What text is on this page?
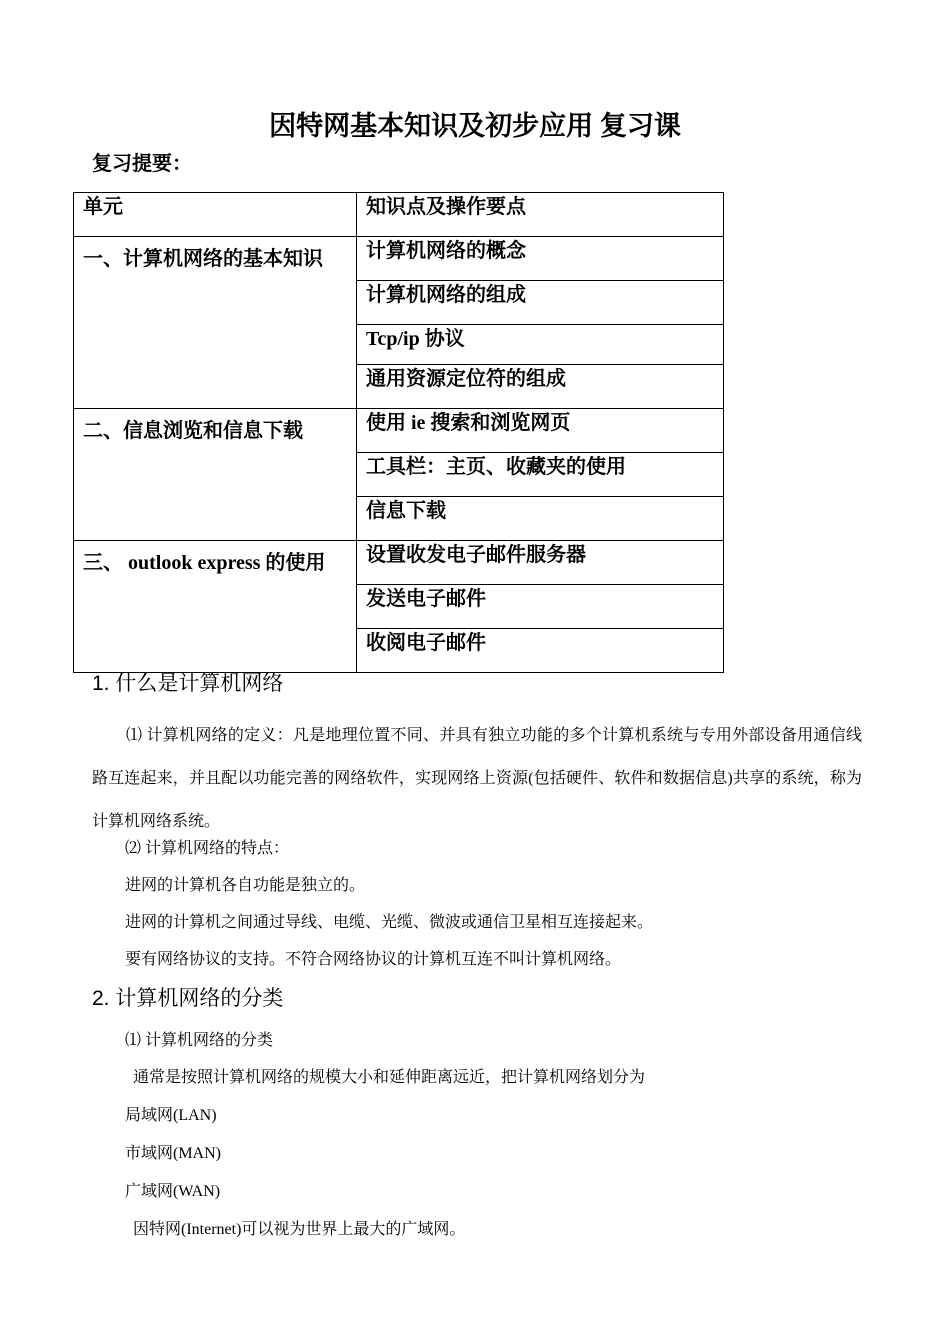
因特网基本知识及初步应用 复习课
复习提要：
单元	知识点及操作要点
一、计算机网络的基本知识	计算机网络的概念
	计算机网络的组成
	Tcp/ip 协议
	通用资源定位符的组成
二、信息浏览和信息下载	使用 ie 搜索和浏览网页
	工具栏：主页、收藏夹的使用
	信息下载
三、 outlook express 的使用	设置收发电子邮件服务器
	发送电子邮件
	收阅电子邮件
1. 什么是计算机网络
⑴ 计算机网络的定义：凡是地理位置不同、并具有独立功能的多个计算机系统与专用外部设备用通信线路互连起来，并且配以功能完善的网络软件，实现网络上资源(包括硬件、软件和数据信息)共享的系统，称为计算机网络系统。
⑵ 计算机网络的特点：
进网的计算机各自功能是独立的。
进网的计算机之间通过导线、电缆、光缆、微波或通信卫星相互连接起来。
要有网络协议的支持。不符合网络协议的计算机互连不叫计算机网络。
2. 计算机网络的分类
⑴ 计算机网络的分类
通常是按照计算机网络的规模大小和延伸距离远近，把计算机网络划分为
局域网(LAN)
市域网(MAN)
广域网(WAN)
因特网(Internet)可以视为世界上最大的广域网。
